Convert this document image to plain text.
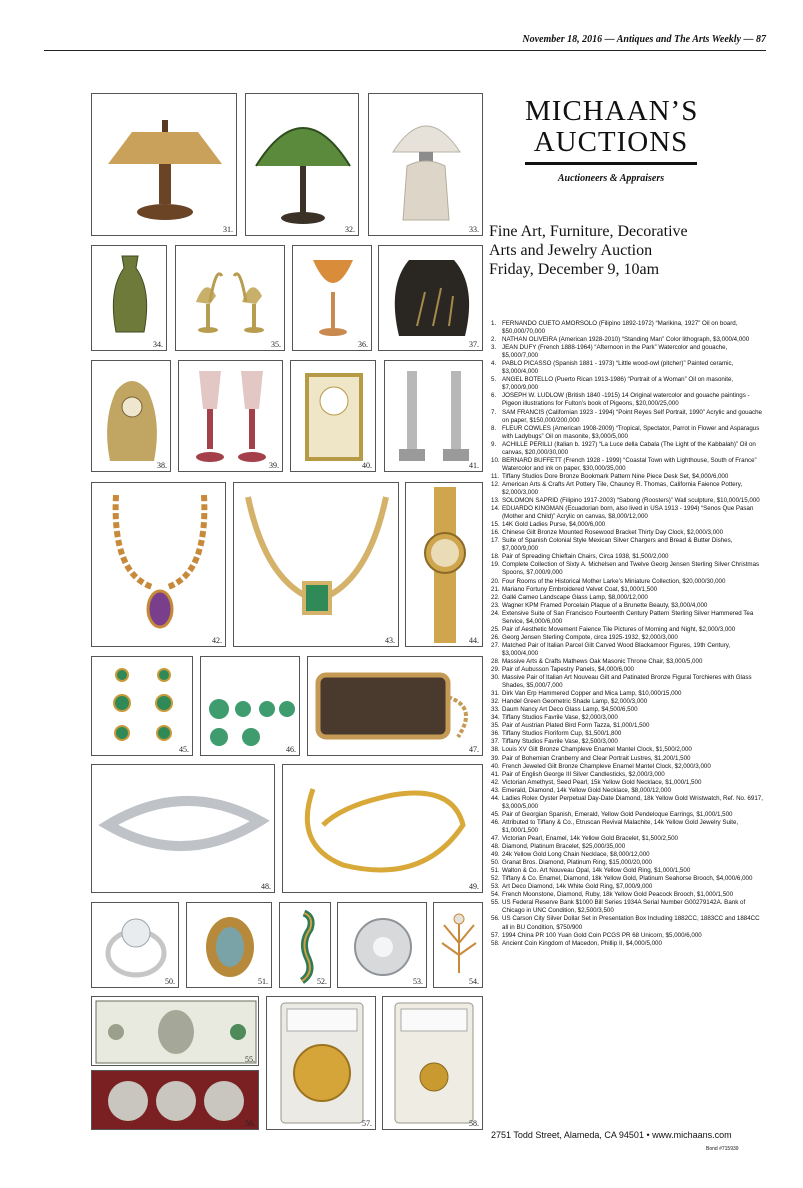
November 18, 2016 — Antiques and The Arts Weekly — 87
31.	32.	33.
MICHAAN’S
AUCTIONS
Auctioneers & Appraisers
Fine Art, Furniture, Decorative
Arts and Jewelry Auction
Friday, December 9, 10am
34.	35.	36.	37.
38.	39.	40.	41.
42.	43.	44.
45.	46.	47.
48.	49.
50.	51.	52.	53.	54.
55.
56.	57.	58.
1. FERNANDO CUETO AMORSOLO (Filipino 1892-1972) “Marikina, 1927” Oil on board, $50,000/70,000
2. NATHAN OLIVEIRA (American 1928-2010) “Standing Man” Color lithograph, $3,000/4,000
3. JEAN DUFY (French 1888-1964) “Afternoon in the Park” Watercolor and gouache, $5,000/7,000
4. PABLO PICASSO (Spanish 1881 - 1973) “Little wood-owl (pitcher)” Painted ceramic, $3,000/4,000
5. ANGEL BOTELLO (Puerto Rican 1913-1986) “Portrait of a Woman” Oil on masonite, $7,000/9,000
6. JOSEPH W. LUDLOW (British 1840 -1915) 14 Original watercolor and gouache paintings - Pigeon illustrations for Fulton’s book of Pigeons, $20,000/25,000
7. SAM FRANCIS (Californian 1923 - 1994) “Point Reyes Self Portrait, 1990” Acrylic and gouache on paper, $150,000/200,000
8. FLEUR COWLES (American 1908-2009) “Tropical, Spectator, Parrot in Flower and Asparagus with Ladybugs” Oil on masonite, $3,000/5,000
9. ACHILLE PERILLI (Italian b. 1927) “La Luce della Cabala (The Light of the Kabbalah)” Oil on canvas, $20,000/30,000
10. BERNARD BUFFETT (French 1928 - 1999) “Coastal Town with Lighthouse, South of France” Watercolor and ink on paper, $30,000/35,000
11. Tiffany Studios Dore Bronze Bookmark Pattern Nine Piece Desk Set, $4,000/6,000
12. American Arts & Crafts Art Pottery Tile, Chauncy R. Thomas, California Faience Pottery, $2,000/3,000
13. SOLOMON SAPRID (Filipino 1917-2003) “Sabong (Roosters)” Wall sculpture, $10,000/15,000
14. EDUARDO KINGMAN (Ecuadorian born, also lived in USA 1913 - 1994) “Senos Que Pasan (Mother and Child)” Acrylic on canvas, $8,000/12,000
15. 14K Gold Ladies Purse, $4,000/6,000
16. Chinese Gilt Bronze Mounted Rosewood Bracket Thirty Day Clock, $2,000/3,000
17. Suite of Spanish Colonial Style Mexican Silver Chargers and Bread & Butter Dishes, $7,000/9,000
18. Pair of Spreading Chieftain Chairs, Circa 1938, $1,500/2,000
19. Complete Collection of Sixty A. Michelsen and Twelve Georg Jensen Sterling Silver Christmas Spoons, $7,000/9,000
20. Four Rooms of the Historical Mother Larke’s Miniature Collection, $20,000/30,000
21. Mariano Fortuny Embroidered Velvet Coat, $1,000/1,500
22. Gallé Cameo Landscape Glass Lamp, $8,000/12,000
23. Wagner KPM Framed Porcelain Plaque of a Brunette Beauty, $3,000/4,000
24. Extensive Suite of San Francisco Fourteenth Century Pattern Sterling Silver Hammered Tea Service, $4,000/6,000
25. Pair of Aesthetic Movement Faience Tile Pictures of Morning and Night, $2,000/3,000
26. Georg Jensen Sterling Compote, circa 1925-1932, $2,000/3,000
27. Matched Pair of Italian Parcel Gilt Carved Wood Blackamoor Figures, 19th Century, $3,000/4,000
28. Massive Arts & Crafts Mathews Oak Masonic Throne Chair, $3,000/5,000
29. Pair of Aubusson Tapestry Panels, $4,000/6,000
30. Massive Pair of Italian Art Nouveau Gilt and Patinated Bronze Figural Torchieres with Glass Shades, $5,000/7,000
31. Dirk Van Erp Hammered Copper and Mica Lamp, $10,000/15,000
32. Handel Green Geometric Shade Lamp, $2,000/3,000
33. Daum Nancy Art Deco Glass Lamp, $4,500/6,500
34. Tiffany Studios Favrile Vase, $2,000/3,000
35. Pair of Austrian Plated Bird Form Tazza, $1,000/1,500
36. Tiffany Studios Floriform Cup, $1,500/1,800
37. Tiffany Studios Favrile Vase, $2,500/3,000
38. Louis XV Gilt Bronze Champleve Enamel Mantel Clock, $1,500/2,000
39. Pair of Bohemian Cranberry and Clear Portrait Lustres, $1,200/1,500
40. French Jeweled Gilt Bronze Champleve Enamel Mantel Clock, $2,000/3,000
41. Pair of English George III Silver Candlesticks, $2,000/3,000
42. Victorian Amethyst, Seed Pearl, 15k Yellow Gold Necklace, $1,000/1,500
43. Emerald, Diamond, 14k Yellow Gold Necklace, $8,000/12,000
44. Ladies Rolex Oyster Perpetual Day-Date Diamond, 18k Yellow Gold Wristwatch, Ref. No. 6917, $3,000/5,000
45. Pair of Georgian Spanish, Emerald, Yellow Gold Pendeloque Earrings, $1,000/1,500
46. Attributed to Tiffany & Co., Etruscan Revival Malachite, 14k Yellow Gold Jewelry Suite, $1,000/1,500
47. Victorian Pearl, Enamel, 14k Yellow Gold Bracelet, $1,500/2,500
48. Diamond, Platinum Bracelet, $25,000/35,000
49. 24k Yellow Gold Long Chain Necklace, $8,000/12,000
50. Granat Bros. Diamond, Platinum Ring, $15,000/20,000
51. Walton & Co. Art Nouveau Opal, 14k Yellow Gold Ring, $1,000/1,500
52. Tiffany & Co. Enamel, Diamond, 18k Yellow Gold, Platinum Seahorse Brooch, $4,000/6,000
53. Art Deco Diamond, 14k White Gold Ring, $7,000/9,000
54. French Moonstone, Diamond, Ruby, 18k Yellow Gold Peacock Brooch, $1,000/1,500
55. US Federal Reserve Bank $1000 Bill Series 1934A Serial Number G00279142A. Bank of Chicago in UNC Condition, $2,500/3,500
56. US Carson City Silver Dollar Set in Presentation Box Including 1882CC, 1883CC and 1884CC all in BU Condition, $750/900
57. 1994 China PR 100 Yuan Gold Coin PCGS PR 68 Unicorn, $5,000/6,000
58. Ancient Coin Kingdom of Macedon, Phillip II, $4,000/5,000
2751 Todd Street, Alameda, CA 94501 • www.michaans.com
Bond #715939
